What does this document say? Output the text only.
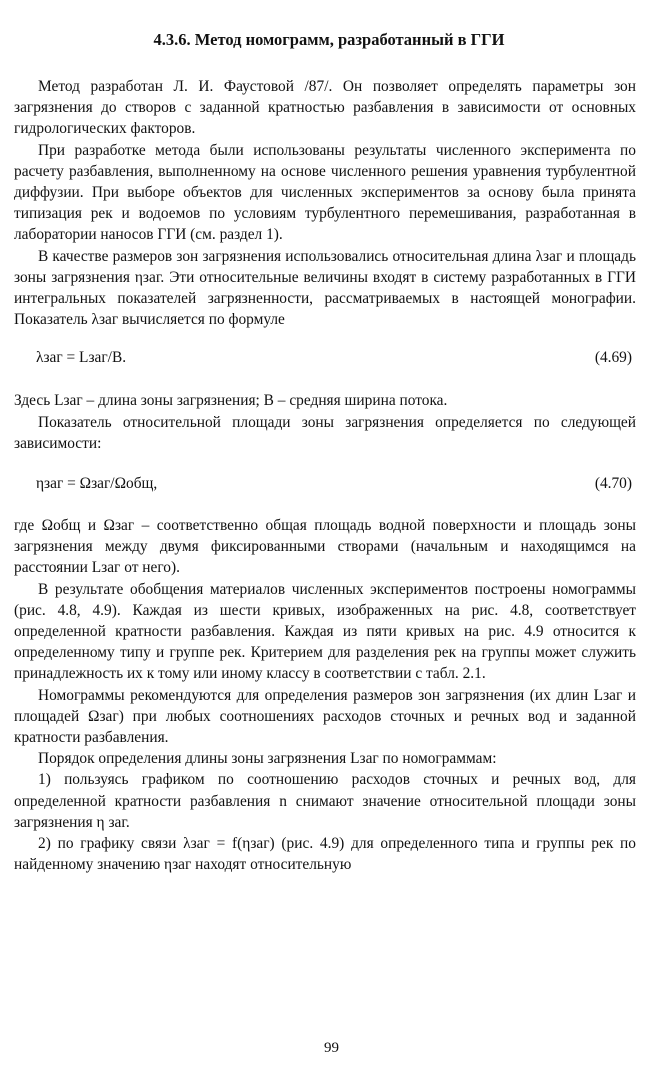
4.3.6. Метод номограмм, разработанный в ГГИ

Метод разработан Л. И. Фаустовой /87/. Он позволяет определять параметры зон загрязнения до створов с заданной кратностью разбавления в зависимости от основных гидрологических факторов.

При разработке метода были использованы результаты численного эксперимента по расчету разбавления, выполненному на основе численного решения уравнения турбулентной диффузии. При выборе объектов для численных экспериментов за основу была принята типизация рек и водоемов по условиям турбулентного перемешивания, разработанная в лаборатории наносов ГГИ (см. раздел 1).

В качестве размеров зон загрязнения использовались относительная длина λзаг и площадь зоны загрязнения ηзаг. Эти относительные величины входят в систему разработанных в ГГИ интегральных показателей загрязненности, рассматриваемых в настоящей монографии. Показатель λзаг вычисляется по формуле

λзаг = Lзаг/B.	(4.69)

Здесь Lзаг – длина зоны загрязнения; B – средняя ширина потока.

Показатель относительной площади зоны загрязнения определяется по следующей зависимости:

ηзаг = Ωзаг/Ωобщ,	(4.70)

где Ωобщ и Ωзаг – соответственно общая площадь водной поверхности и площадь зоны загрязнения между двумя фиксированными створами (начальным и находящимся на расстоянии Lзаг от него).

В результате обобщения материалов численных экспериментов построены номограммы (рис. 4.8, 4.9). Каждая из шести кривых, изображенных на рис. 4.8, соответствует определенной кратности разбавления. Каждая из пяти кривых на рис. 4.9 относится к определенному типу и группе рек. Критерием для разделения рек на группы может служить принадлежность их к тому или иному классу в соответствии с табл. 2.1.

Номограммы рекомендуются для определения размеров зон загрязнения (их длин Lзаг и площадей Ωзаг) при любых соотношениях расходов сточных и речных вод и заданной кратности разбавления.

Порядок определения длины зоны загрязнения Lзаг по номограммам:

1) пользуясь графиком по соотношению расходов сточных и речных вод, для определенной кратности разбавления n снимают значение относительной площади зоны загрязнения η заг.

2) по графику связи λзаг = f(ηзаг) (рис. 4.9) для определенного типа и группы рек по найденному значению ηзаг находят относительную

99
